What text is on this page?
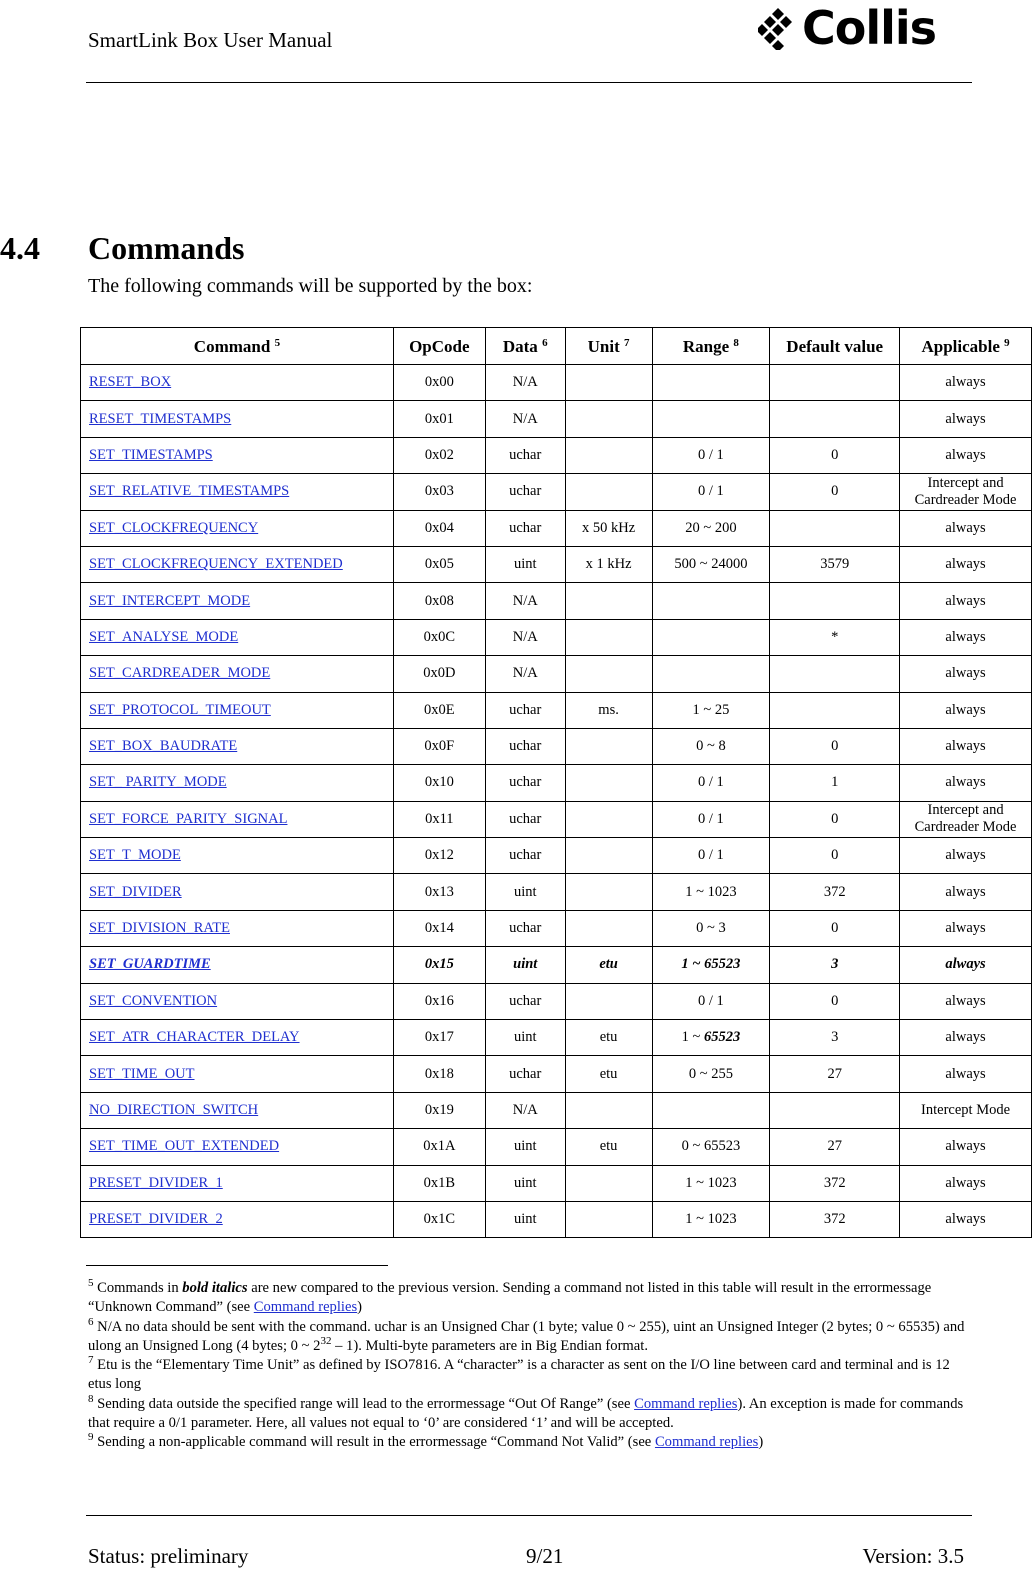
SmartLink Box User Manual	Collis
4.4 Commands
The following commands will be supported by the box:
Command $^5$	OpCode	Data $^6$	Unit $^7$	Range $^8$	Default value	Applicable $^9$
RESET_BOX	0x00	N/A				always
RESET_TIMESTAMPS	0x01	N/A				always
SET_TIMESTAMPS	0x02	uchar		0 / 1	0	always
SET_RELATIVE_TIMESTAMPS	0x03	uchar		0 / 1	0	Intercept and Cardreader Mode
SET_CLOCKFREQUENCY	0x04	uchar	x 50 kHz	20 ~ 200		always
SET_CLOCKFREQUENCY_EXTENDED	0x05	uint	x 1 kHz	500 ~ 24000	3579	always
SET_INTERCEPT_MODE	0x08	N/A				always
SET_ANALYSE_MODE	0x0C	N/A			*	always
SET_CARDREADER_MODE	0x0D	N/A				always
SET_PROTOCOL_TIMEOUT	0x0E	uchar	ms.	1 ~ 25		always
SET_BOX_BAUDRATE	0x0F	uchar		0 ~ 8	0	always
SET_ PARITY_MODE	0x10	uchar		0 / 1	1	always
SET_FORCE_PARITY_SIGNAL	0x11	uchar		0 / 1	0	Intercept and Cardreader Mode
SET_T_MODE	0x12	uchar		0 / 1	0	always
SET_DIVIDER	0x13	uint		1 ~ 1023	372	always
SET_DIVISION_RATE	0x14	uchar		0 ~ 3	0	always
SET_GUARDTIME	0x15	uint	etu	1 ~ 65523	3	always
SET_CONVENTION	0x16	uchar		0 / 1	0	always
SET_ATR_CHARACTER_DELAY	0x17	uint	etu	1 ~ 65523	3	always
SET_TIME_OUT	0x18	uchar	etu	0 ~ 255	27	always
NO_DIRECTION_SWITCH	0x19	N/A				Intercept Mode
SET_TIME_OUT_EXTENDED	0x1A	uint	etu	0 ~ 65523	27	always
PRESET_DIVIDER_1	0x1B	uint		1 ~ 1023	372	always
PRESET_DIVIDER_2	0x1C	uint		1 ~ 1023	372	always

$^5$ Commands in bold italics are new compared to the previous version. Sending a command not listed in this table will result in the errormessage “Unknown Command” (see Command replies)

$^6$ N/A no data should be sent with the command. uchar is an Unsigned Char (1 byte; value 0 ~ 255), uint an Unsigned Integer (2 bytes; 0 ~ 65535) and ulong an Unsigned Long (4 bytes; 0 ~ $2^{32} - 1$). Multi-byte parameters are in Big Endian format.

$^7$ Etu is the “Elementary Time Unit” as defined by ISO7816. A “character” is a character as sent on the I/O line between card and terminal and is 12 etus long

$^8$ Sending data outside the specified range will lead to the errormessage “Out Of Range” (see Command replies). An exception is made for commands that require a 0/1 parameter. Here, all values not equal to ‘0’ are considered ‘1’ and will be accepted.

$^9$ Sending a non-applicable command will result in the errormessage “Command Not Valid” (see Command replies)

Status: preliminary	9/21	Version: 3.5
